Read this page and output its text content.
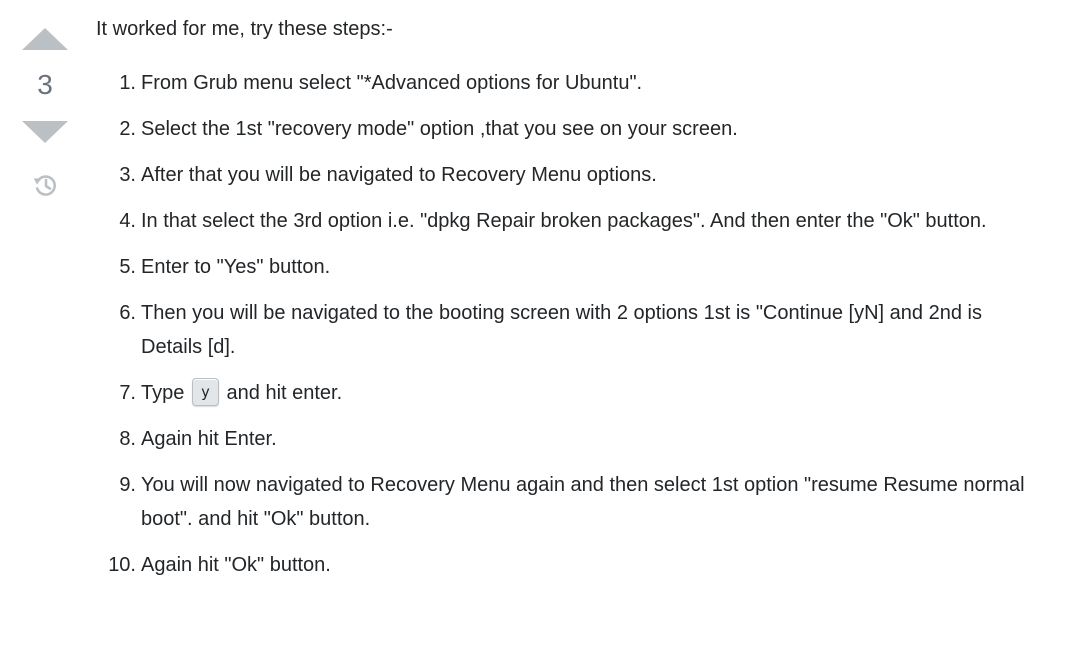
3

It worked for me, try these steps:-

1. From Grub menu select "*Advanced options for Ubuntu".
2. Select the 1st "recovery mode" option ,that you see on your screen.
3. After that you will be navigated to Recovery Menu options.
4. In that select the 3rd option i.e. "dpkg Repair broken packages". And then enter the "Ok" button.
5. Enter to "Yes" button.
6. Then you will be navigated to the booting screen with 2 options 1st is "Continue [yN] and 2nd is Details [d].
7. Type y and hit enter.
8. Again hit Enter.
9. You will now navigated to Recovery Menu again and then select 1st option "resume Resume normal boot". and hit "Ok" button.
10. Again hit "Ok" button.
